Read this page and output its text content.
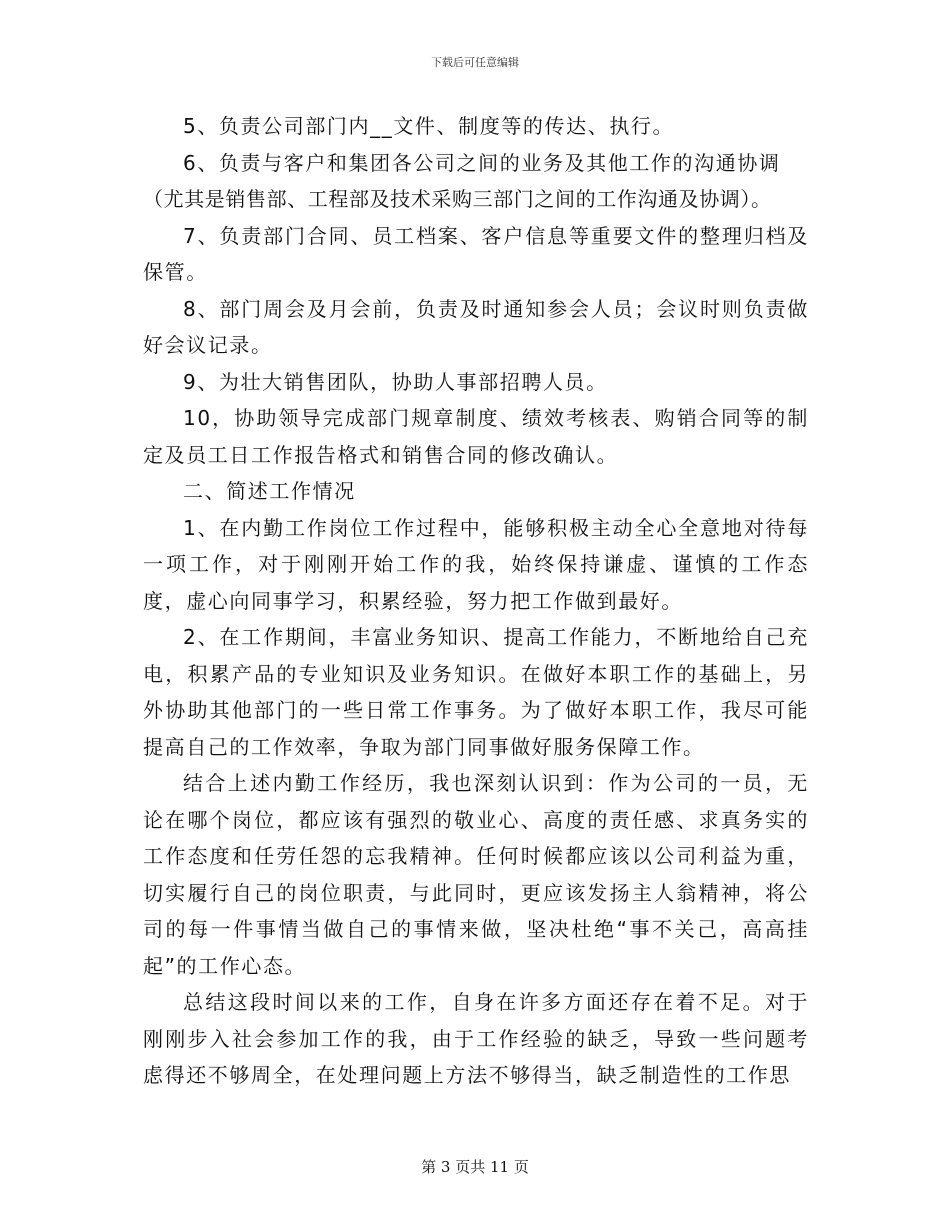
下载后可任意编辑

5、负责公司部门内__文件、制度等的传达、执行。

6、负责与客户和集团各公司之间的业务及其他工作的沟通协调

（尤其是销售部、工程部及技术采购三部门之间的工作沟通及协调）。

7、负责部门合同、员工档案、客户信息等重要文件的整理归档及保管。

8、部门周会及月会前，负责及时通知参会人员；会议时则负责做好会议记录。

9、为壮大销售团队，协助人事部招聘人员。

10，协助领导完成部门规章制度、绩效考核表、购销合同等的制定及员工日工作报告格式和销售合同的修改确认。

二、简述工作情况

1、在内勤工作岗位工作过程中，能够积极主动全心全意地对待每一项工作，对于刚刚开始工作的我，始终保持谦虚、谨慎的工作态度，虚心向同事学习，积累经验，努力把工作做到最好。

2、在工作期间，丰富业务知识、提高工作能力，不断地给自己充电，积累产品的专业知识及业务知识。在做好本职工作的基础上，另外协助其他部门的一些日常工作事务。为了做好本职工作，我尽可能提高自己的工作效率，争取为部门同事做好服务保障工作。

结合上述内勤工作经历，我也深刻认识到：作为公司的一员，无论在哪个岗位，都应该有强烈的敬业心、高度的责任感、求真务实的工作态度和任劳任怨的忘我精神。任何时候都应该以公司利益为重，切实履行自己的岗位职责，与此同时，更应该发扬主人翁精神，将公司的每一件事情当做自己的事情来做，坚决杜绝“事不关己，高高挂起”的工作心态。

总结这段时间以来的工作，自身在许多方面还存在着不足。对于刚刚步入社会参加工作的我，由于工作经验的缺乏，导致一些问题考虑得还不够周全，在处理问题上方法不够得当，缺乏制造性的工作思

第 3 页共 11 页
